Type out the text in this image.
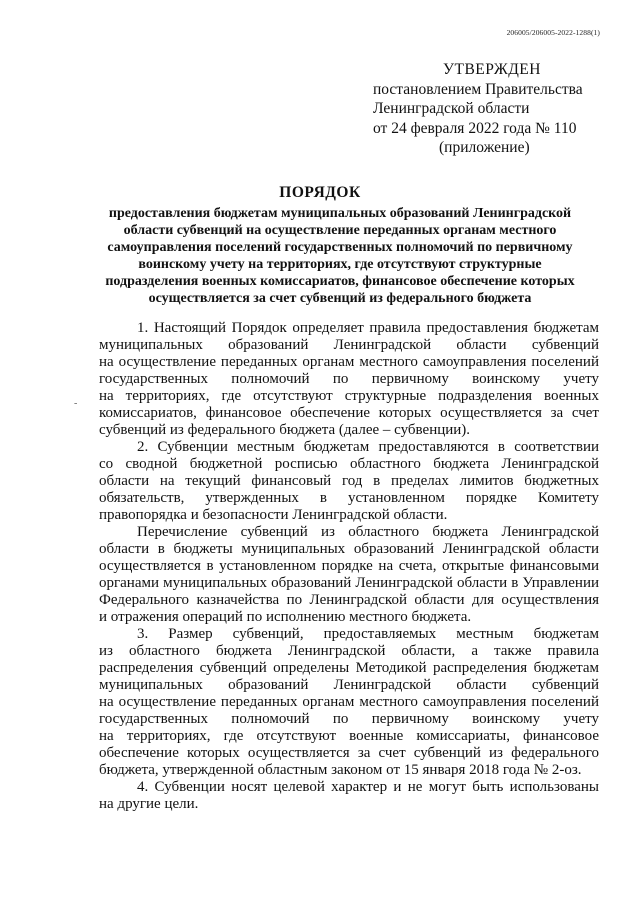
206005/206005-2022-1288(1)
УТВЕРЖДЕН
постановлением Правительства
Ленинградской области
от 24 февраля 2022 года № 110
(приложение)
ПОРЯДОК
предоставления бюджетам муниципальных образований Ленинградской
области субвенций на осуществление переданных органам местного
самоуправления поселений государственных полномочий по первичному
воинскому учету на территориях, где отсутствуют структурные
подразделения военных комиссариатов, финансовое обеспечение которых
осуществляется за счет субвенций из федерального бюджета
-

1. Настоящий Порядок определяет правила предоставления бюджетам
муниципальных образований Ленинградской области субвенций
на осуществление переданных органам местного самоуправления поселений
государственных полномочий по первичному воинскому учету
на территориях, где отсутствуют структурные подразделения военных
комиссариатов, финансовое обеспечение которых осуществляется за счет
субвенций из федерального бюджета (далее – субвенции).

2. Субвенции местным бюджетам предоставляются в соответствии
со сводной бюджетной росписью областного бюджета Ленинградской
области на текущий финансовый год в пределах лимитов бюджетных
обязательств, утвержденных в установленном порядке Комитету
правопорядка и безопасности Ленинградской области.

Перечисление субвенций из областного бюджета Ленинградской
области в бюджеты муниципальных образований Ленинградской области
осуществляется в установленном порядке на счета, открытые финансовыми
органами муниципальных образований Ленинградской области в Управлении
Федерального казначейства по Ленинградской области для осуществления
и отражения операций по исполнению местного бюджета.

3. Размер субвенций, предоставляемых местным бюджетам
из областного бюджета Ленинградской области, а также правила
распределения субвенций определены Методикой распределения бюджетам
муниципальных образований Ленинградской области субвенций
на осуществление переданных органам местного самоуправления поселений
государственных полномочий по первичному воинскому учету
на территориях, где отсутствуют военные комиссариаты, финансовое
обеспечение которых осуществляется за счет субвенций из федерального
бюджета, утвержденной областным законом от 15 января 2018 года № 2-оз.

4. Субвенции носят целевой характер и не могут быть использованы
на другие цели.
